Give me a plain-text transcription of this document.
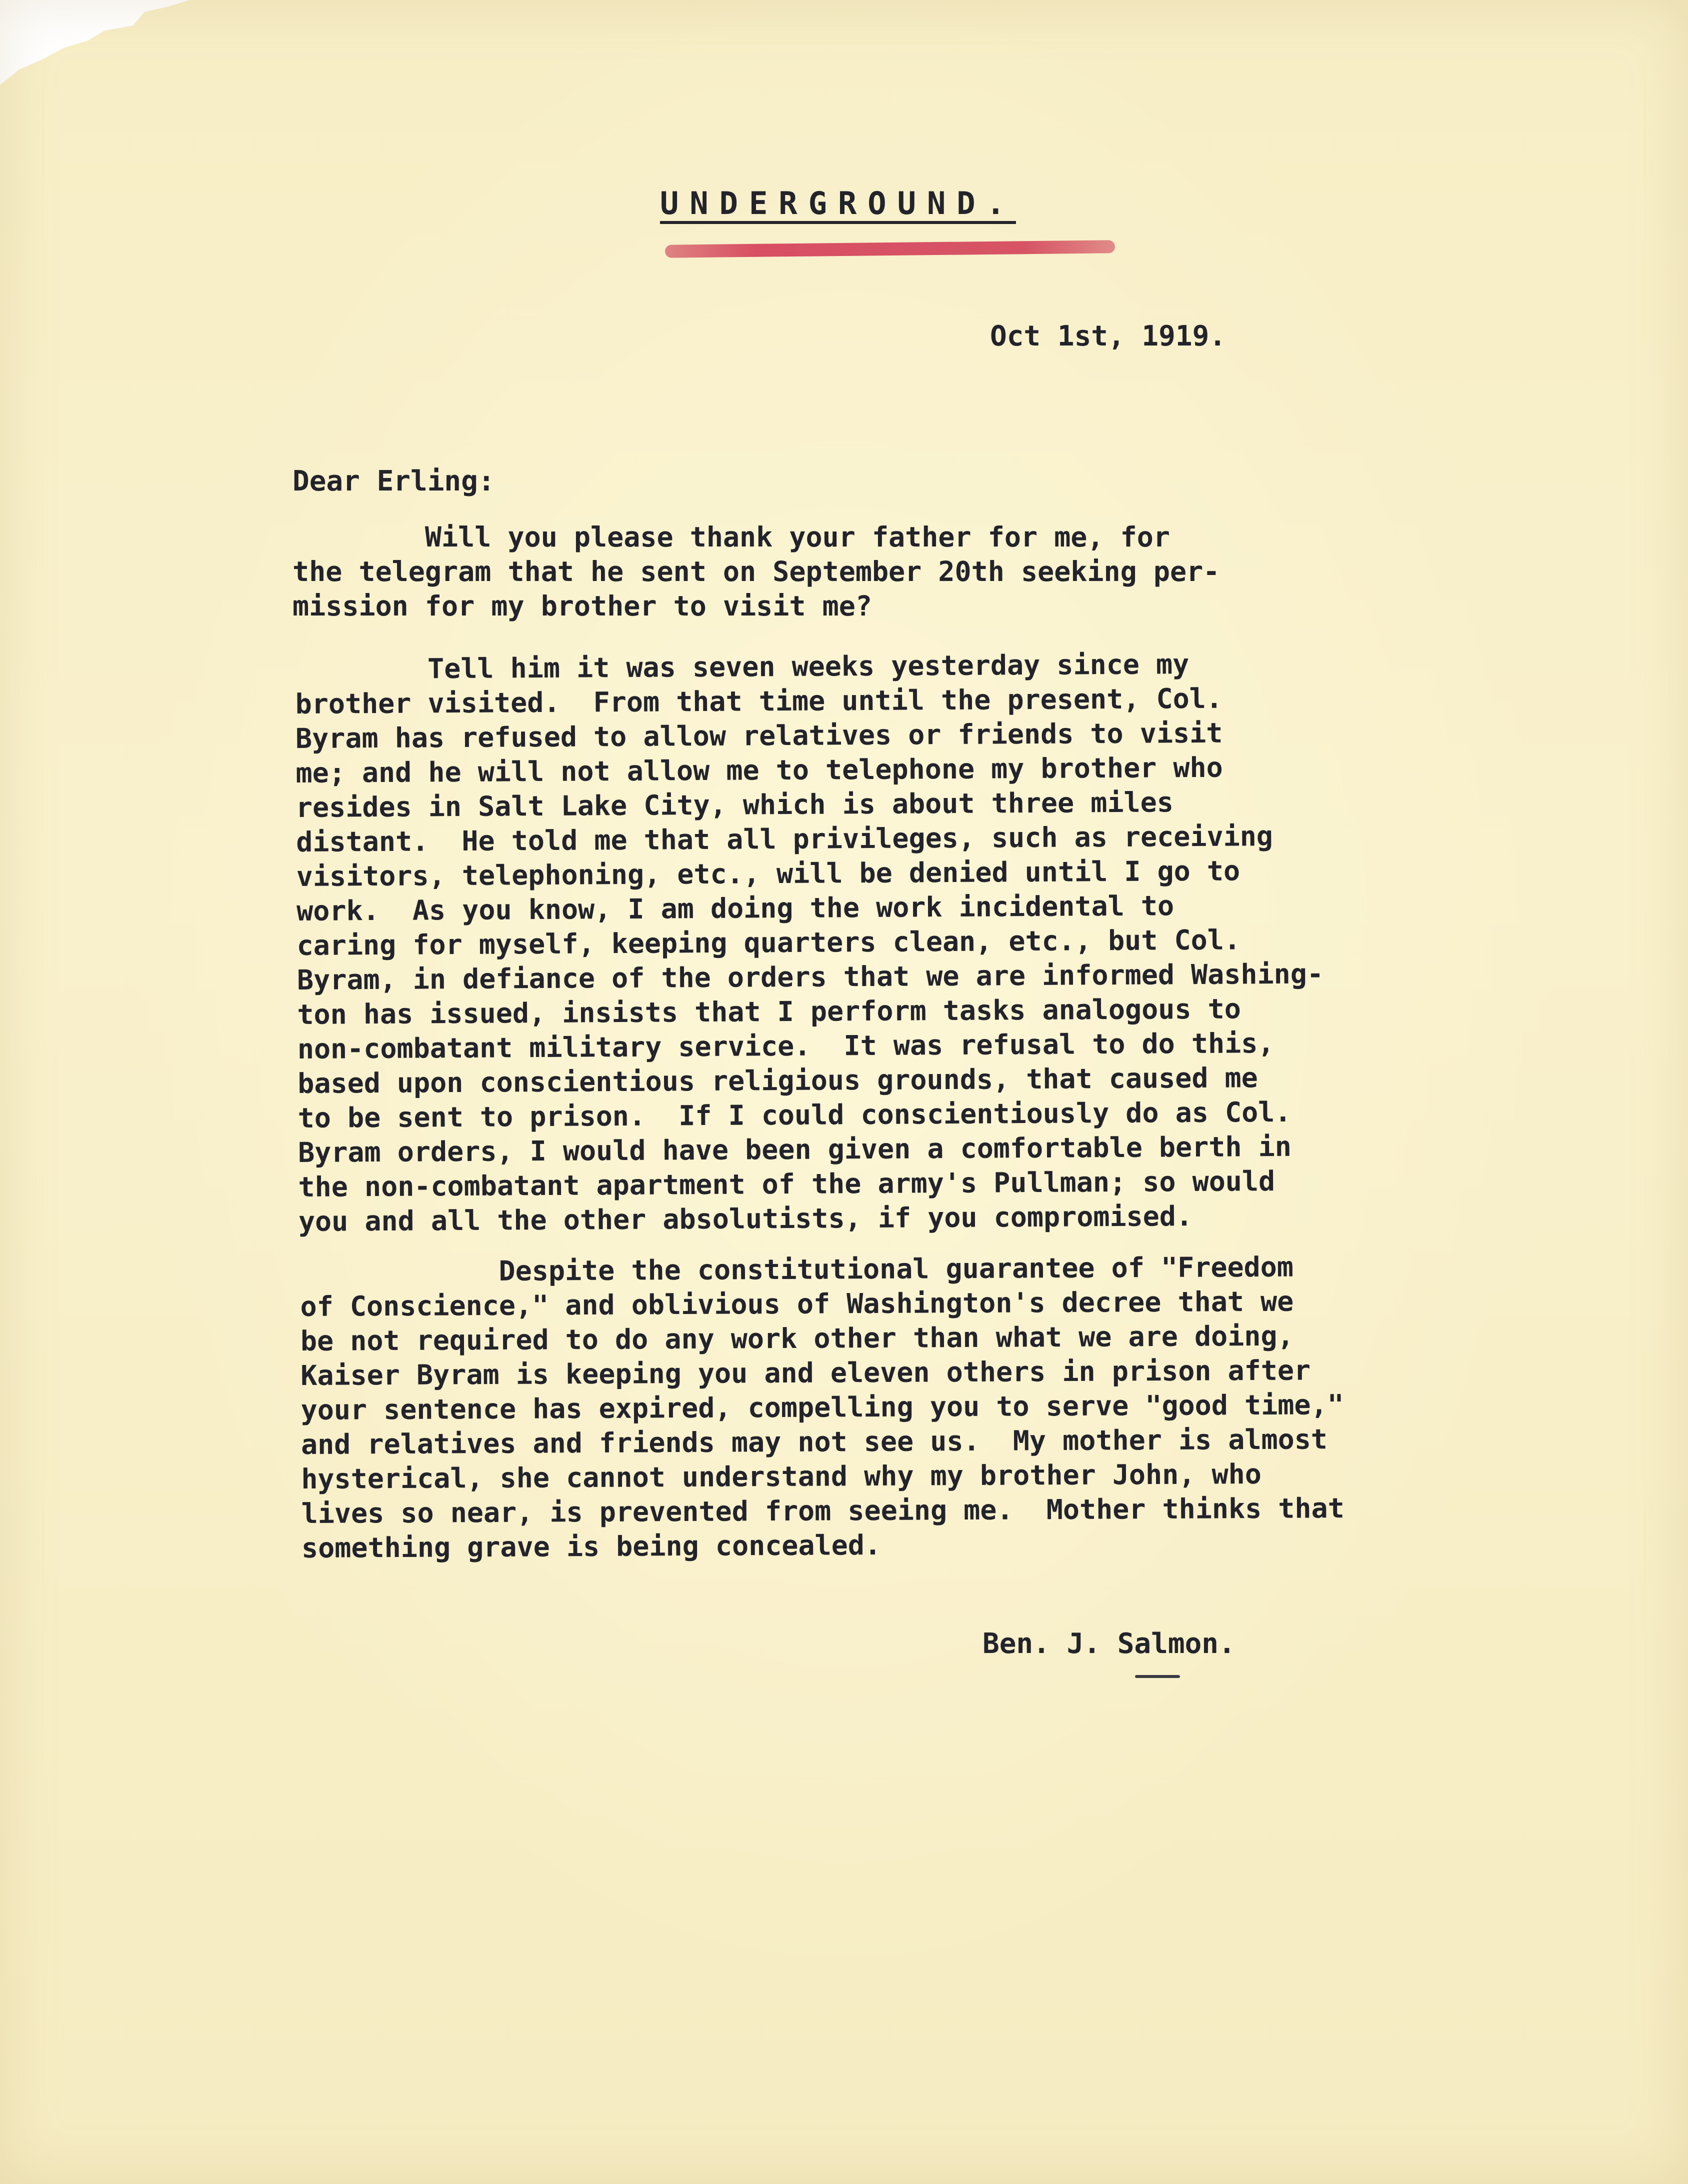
UNDERGROUND.
Oct 1st, 1919.
Dear Erling:
Will you please thank your father for me, for
the telegram that he sent on September 20th seeking per-
mission for my brother to visit me?
Tell him it was seven weeks yesterday since my
brother visited.  From that time until the present, Col.
Byram has refused to allow relatives or friends to visit
me; and he will not allow me to telephone my brother who
resides in Salt Lake City, which is about three miles
distant.  He told me that all privileges, such as receiving
visitors, telephoning, etc., will be denied until I go to
work.  As you know, I am doing the work incidental to
caring for myself, keeping quarters clean, etc., but Col.
Byram, in defiance of the orders that we are informed Washing-
ton has issued, insists that I perform tasks analogous to
non-combatant military service.  It was refusal to do this,
based upon conscientious religious grounds, that caused me
to be sent to prison.  If I could conscientiously do as Col.
Byram orders, I would have been given a comfortable berth in
the non-combatant apartment of the army's Pullman; so would
you and all the other absolutists, if you compromised.
Despite the constitutional guarantee of "Freedom
of Conscience," and oblivious of Washington's decree that we
be not required to do any work other than what we are doing,
Kaiser Byram is keeping you and eleven others in prison after
your sentence has expired, compelling you to serve "good time,"
and relatives and friends may not see us.  My mother is almost
hysterical, she cannot understand why my brother John, who
lives so near, is prevented from seeing me.  Mother thinks that
something grave is being concealed.
Ben. J. Salmon.
